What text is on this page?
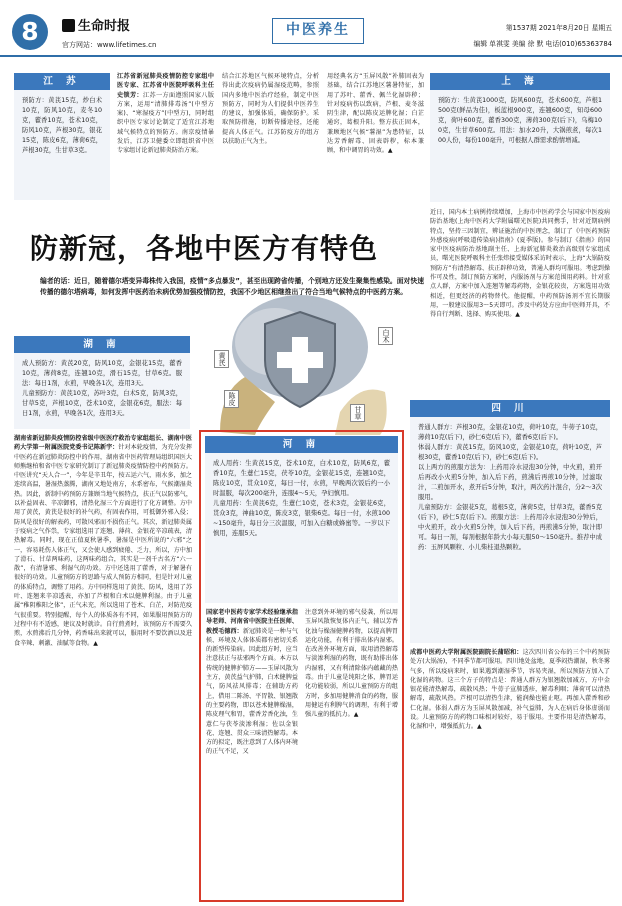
8	生命时报
官方网站：www.lifetimes.cn
中医养生	第1537期 2021年8月20日 星期五
编辑 单祺雯 美编 徐 默 电话(010)65363784
江 苏
预防方：黄芪15克，炒白术10克，防风10克，麦冬10克，藿香10克，苍术10克，防风10克，芦根30克，银花15克，陈皮6克，薄荷6克，芦根30克，生甘草3克。
江苏省新冠肺炎疫情防控专家组中医专家、江苏省中医院呼吸科主任史锁芳：江苏一方面遵照国家八版方案，运用“清肺排毒汤”(中型方案)、“寒湿疫方”(中型方)，同时组织中医专家讨论制定了适宜江苏地域气候特点的预防方。南京疫情暴发后，江苏卫健委立即组织省中医专家组讨论新冠肺炎防治方案。
结合江苏地区气候环境特点，分析得出此次疫病仍属湿疫范畴，参照国内多地中医治疗经验，制定中医预防方，同时为人们提供中医养生的建议，加强体质，确保防护。采取预防措施，切断传播途径，还能提高人体正气。江苏防疫方的组方以扶助正气为主。
用经典名方“玉屏风散”补肺固表为基础，结合江苏地区薯暑特征，加用了苏叶、藿香、佩兰化湿辟秽；针对疫病伤以致病，芦根、麦冬滋阴生津，配以陈皮运脾化湿；白芷通窍，葛根升阳。整方扶正固本，兼顾地区气候“薯湿”为患特征，以达芳香解毒、固表辟秽，标本兼顾，和中调胃的功效。▲
上 海
预防方：生黄芪1000克，防风600克，苍术600克，芦根1500克(鲜品为佳)，板蓝根900克，连翘600克，知母600克，荷叶600克，藿香300克，薄荷300克(后下)，乌梅100克，生甘草600克。用法：加水20升，大锅煎煮，每次100人份，每份100毫升，可根据人群需求酌情增减。
近日，国内本土病例持续增加，上海市中医药学会与国家中医疫病防治基地(上海中医药大学附属曙光医院)共同携手，针对近期病例特点，坚持三因制宜，辨证施治的中医理念，制订了《中医药预防外感疫病(呼吸道传染病)指南》(夏季版)。参与制订《指南》的国家中医疫病防治基地副主任、上海新冠肺炎救治高级别专家组成员，曙光医院呼吸科主任张炜接受媒体采访时表示，上海“大锅防疫预防方”有清热解毒、扶正辟秽功效，普通人群均可服用。考虑到操作可及性，制订预防方案时，内服汤剂与方案范围用药料。针对重点人群，方案中加入连翘等解毒药物，金银花较贵，方案选用功效相近，但更经济的药物替代。他提醒，中药预防汤剂不宜长期服用，一般建议服用3～5天即可。涉及中药处方应由中医师开具，不得自行判断、选择、购买使用。▲
防新冠，各地中医方有特色
编者的话：近日，随着德尔塔变异毒株传入我国，疫情“多点暴发”，甚至出现跨省传播，个别地方还发生聚集性感染。面对快速传播的德尔塔病毒，如何发挥中医药治未病优势加强疫情防控，我国不少地区相继推出了符合当地气候特点的中医药方案。
黄芪
陈皮
甘草
白术
湖 南
成人预防方：黄芪20克，防风10克，金银花15克，藿香10克，薄荷8克，连翘10克，滑石15克，甘草6克。服法：每日1剂，水煎，早晚各1次，连用3天。
儿童预防方：黄芪10克，苏叶3克，白术5克，防风3克，甘草5克，芦根10克，苍术10克，金银花6克，服法：每日1剂，水煎，早晚各1次，连用3天。
湖南省新冠肺炎疫情防控省级中医医疗救治专家组组长、湖南中医药大学第一附属医院党委书记陈新宇：针对本轮疫情，为充分发挥中医药在新冠肺炎防控中的作用，湖南省中医药管理局组织国医大师熊继柏和省中医专家研究制订了新冠肺炎疫情防控中药预防方。中医讲究“天人合一”，今年是辛丑年，按五运六气，雨水多，加之连续高温，暑湿热蒸腾，湖南又地处南方，水系密布，气候潮湿炎热。因此，新制中药预防方兼顾当地气候特点，扶正气以防邪气，以补益固表、辛凉御邪，清热化湿三个方面进行了化方调整。方中用了黄芪，黄芪是很好的补气药，有固表作用，可抵御外邪入侵；防风是很好的解表药，可散风邪而不损伤正气。其次，新冠肺炎属于疫病之气作祟，专家组选用了连翘、薄荷、金银花辛凉疏表，清热解毒。同时，现在正值夏秋暑季，暑湿是中医所说的“六邪”之一，容易耗伤人体正气，又会使人感到疲倦、乏力，所以，方中加了滑石、甘草两味药，这两味药组合，其实是一剂千古名方“六一散”，有清暑邪、利湿气的功效。方中还选用了藿香，对于解暑有很好的功效。儿童预防方的思路与成人预防方相同，但是针对儿童的体质特点，调整了用药。方中同样选用了黄芪、防风，选用了苏叶、连翘来辛凉透表，亦加了芦根和白术以健脾利湿。由于儿童属“稚阴稚阳之体”，正气未充，所以选用了苍术、白芷，对防范疫气很重要。特别提醒，每个人的体质各有不同，如果服用预防方的过程中有不适感，建议及时就诊。自行煎煮时，该预防方不需要久煎，水煎沸后几分钟，药香味出来就可以，服用时不要饮酒以及进食辛辣、刺激、油腻等食物。▲
河 南
成人用药：生黄芪15克，苍术10克，白术10克，防风6克，藿香10克，生薏仁15克，茯苓10克，金银花15克，连翘10克，陈皮10克，贯众10克，每日一付，水煎，早晚两次饭后约一小时温服，每次200毫升，连服4～5天，孕妇慎用。
儿童用药：生黄芪6克，生薏仁10克，苍术3克，金银花6克，贯众3克，神曲10克，陈皮3克，银柴6克。每日一付，水煎100~150毫升，每日分三次温服，可加入白糖或蜂蜜等。一岁以下慎用，连服5天。
国家老中医药专家学术经验继承指导老师、河南省中医院主任医师、教授毛德西：新冠肺炎是一种与气候、环境及人体体质都有密切关系的新型传染病。因此组方时，应当注意扶正与祛邪两个方面。本方以传统的健脾护肺方——玉屏风散为主方，黄芪益气护肺，白术健脾益气，防风祛风排毒；在辅助方药上，借用二陈汤、平胃散、银翘散的主要药物，即以苍术健脾燥湿，陈皮理气和胃，藿香芳香化浊，生薏仁与茯苓淡渗利湿；佐以金银花、连翘、贯众三味清热解毒。本方的拟定，既注意到了人体内环境的正气不足，又
注意到外环境的邪气侵袭，所以用玉屏风散恢复体内正气，辅以芳香化浊与燥湿健脾药物，以提高脾胃运化功能，有利于排出体内湿邪。在改善外环境方面，取用清热解毒与淡渗利湿的药物，既有助排出体内湿邪，又有利清除体内蕴藏的热毒。由于儿童是纯阳之体，脾胃运化功能较弱，所以儿童预防方的组方时，多加用健脾消食的药物，服用健运有利脾气的调理，有利于增强儿童的抵抗力。▲
四 川
普通人群方：芦根30克，金银花10克，荷叶10克，牛蒡子10克，薄荷10克(后下)，砂仁6克(后下)，藿香6克(后下)。
体弱人群方：黄芪15克，防风10克，金银花10克，荷叶10克，芦根30克，藿香10克(后下)，砂仁6克(后下)。
以上两方的煎服方法为：上药用冷水浸泡30分钟，中火煎，煎开后再改小火煎5分钟，加入后下药，煎沸后再煎10分钟，过滤取汁，二煎加开水，煮开后5分钟，取汁，两次药汁混合，分2～3次服用。
儿童预防方：金银花5克，葛根5克，薄荷5克，甘草3克，藿香5克(后下)，砂仁5克(后下)。煎服方法：上药用冷水浸泡30分钟后，中火煎开，改小火煎5分钟，加入后下药，再煎沸5分钟，取汁即可。每日一剂，每剂根据年龄大小每天服50～150毫升。推荐中成药：玉屏风颗粒、小儿柴桂退热颗粒。
成都中医药大学附属医院副院长蒲昭和：这次四川省公布的三个中药预防处方(大锅汤)，不同季节都可服用。四川地处盆地，夏季闷热潮湿，秋冬雾气多，所以疫病来时，如果遇到潮湿季节，容易夹湿，所以预防方加入了化湿的药物。这三个方子的特点是：普通人群方为银翘散加减方，方中金银花能清热解毒，疏散风热；牛蒡子宣肺透疹，解毒利咽；薄荷可以清热解毒，疏散风热。芦根可以清热生津，能润燥也能止呕。再加入藿香和砂仁化湿。体弱人群方为玉屏风散加减，补气益肺，为人在病后身体虚弱而设。儿童预防方的药物口味相对较好，易于服用。主要作用是清热解毒，化湿和中，增强抵抗力。▲
